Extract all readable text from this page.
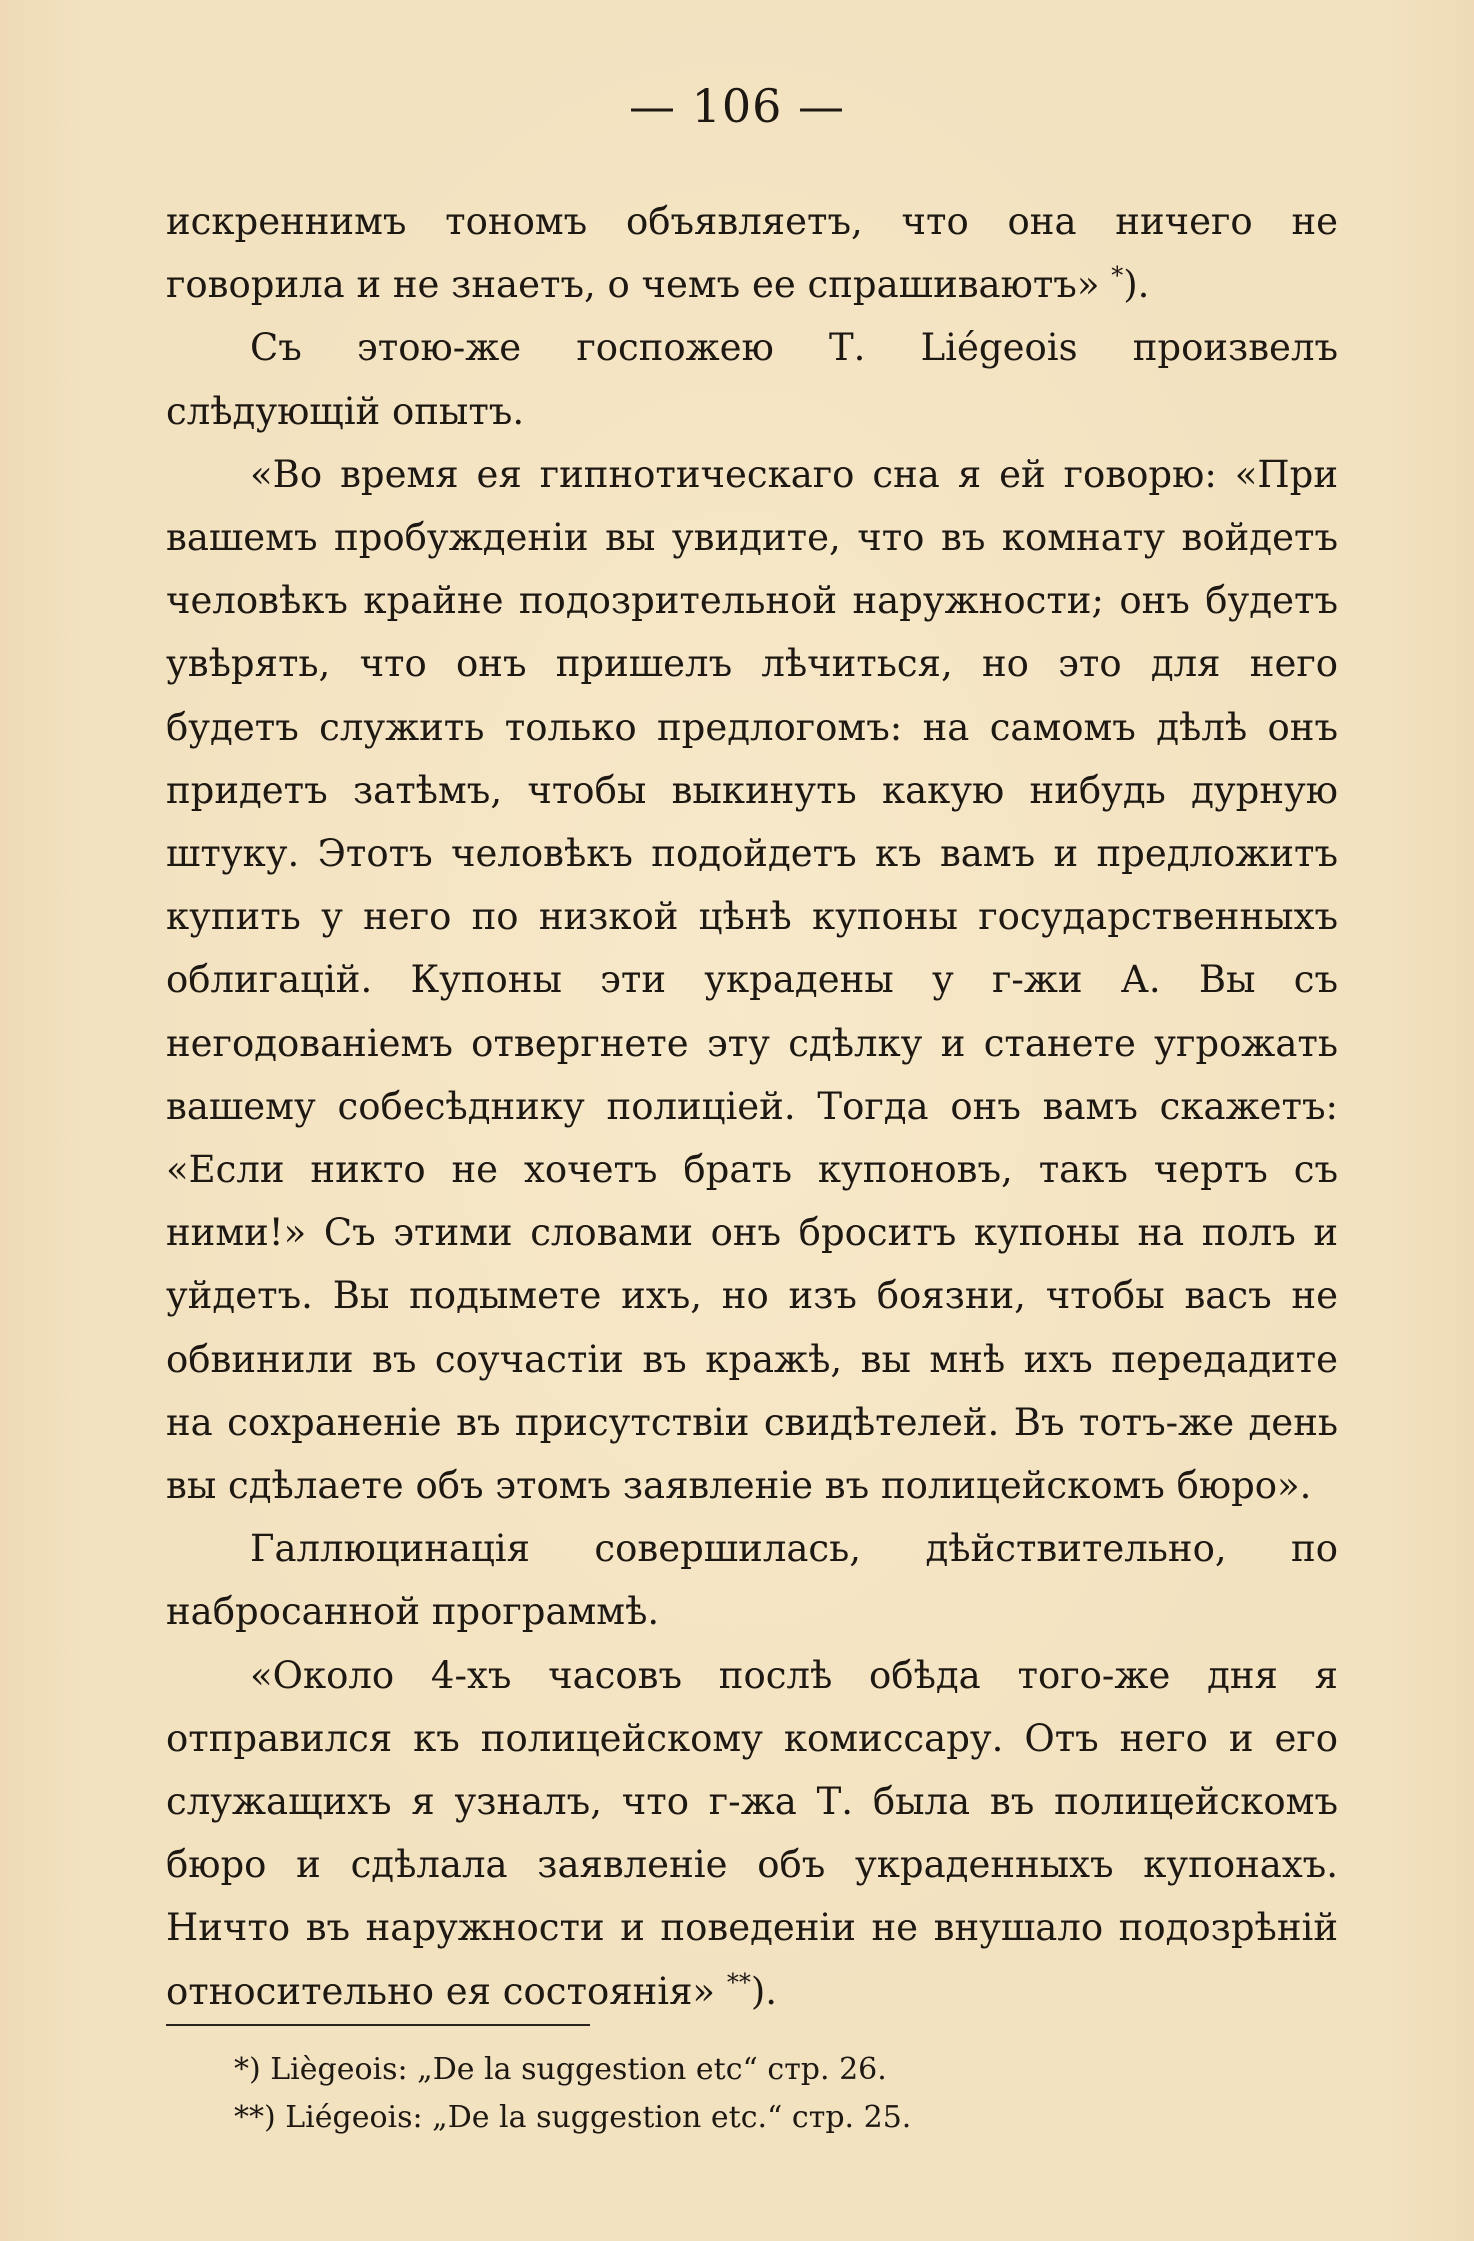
— 106 —

искреннимъ тономъ объявляетъ, что она ничего не говорила и не знаетъ, о чемъ ее спрашиваютъ» *).

Съ этою-же госпожею Т. Liégeois произвелъ слѣдующій опытъ.

«Во время ея гипнотическаго сна я ей говорю: «При вашемъ пробужденіи вы увидите, что въ комнату войдетъ человѣкъ крайне подозрительной наружности; онъ будетъ увѣрять, что онъ пришелъ лѣчиться, но это для него будетъ служить только предлогомъ: на самомъ дѣлѣ онъ придетъ затѣмъ, чтобы выкинуть какую нибудь дурную штуку. Этотъ человѣкъ подойдетъ къ вамъ и предложитъ купить у него по низкой цѣнѣ купоны государственныхъ облигацій. Купоны эти украдены у г-жи А. Вы съ негодованіемъ отвергнете эту сдѣлку и станете угрожать вашему собесѣднику полиціей. Тогда онъ вамъ скажетъ: «Если никто не хочетъ брать купоновъ, такъ чертъ съ ними!» Съ этими словами онъ броситъ купоны на полъ и уйдетъ. Вы подымете ихъ, но изъ боязни, чтобы васъ не обвинили въ соучастіи въ кражѣ, вы мнѣ ихъ передадите на сохраненіе въ присутствіи свидѣтелей. Въ тотъ-же день вы сдѣлаете объ этомъ заявленіе въ полицейскомъ бюро».

Галлюцинація совершилась, дѣйствительно, по набросанной программѣ.

«Около 4-хъ часовъ послѣ обѣда того-же дня я отправился къ полицейскому комиссару. Отъ него и его служащихъ я узналъ, что г-жа Т. была въ полицейскомъ бюро и сдѣлала заявленіе объ украденныхъ купонахъ. Ничто въ наружности и поведеніи не внушало подозрѣній относительно ея состоянія» **).

*) Liègeois: „De la suggestion etc“ стр. 26.

**) Liégeois: „De la suggestion etc.“ стр. 25.
